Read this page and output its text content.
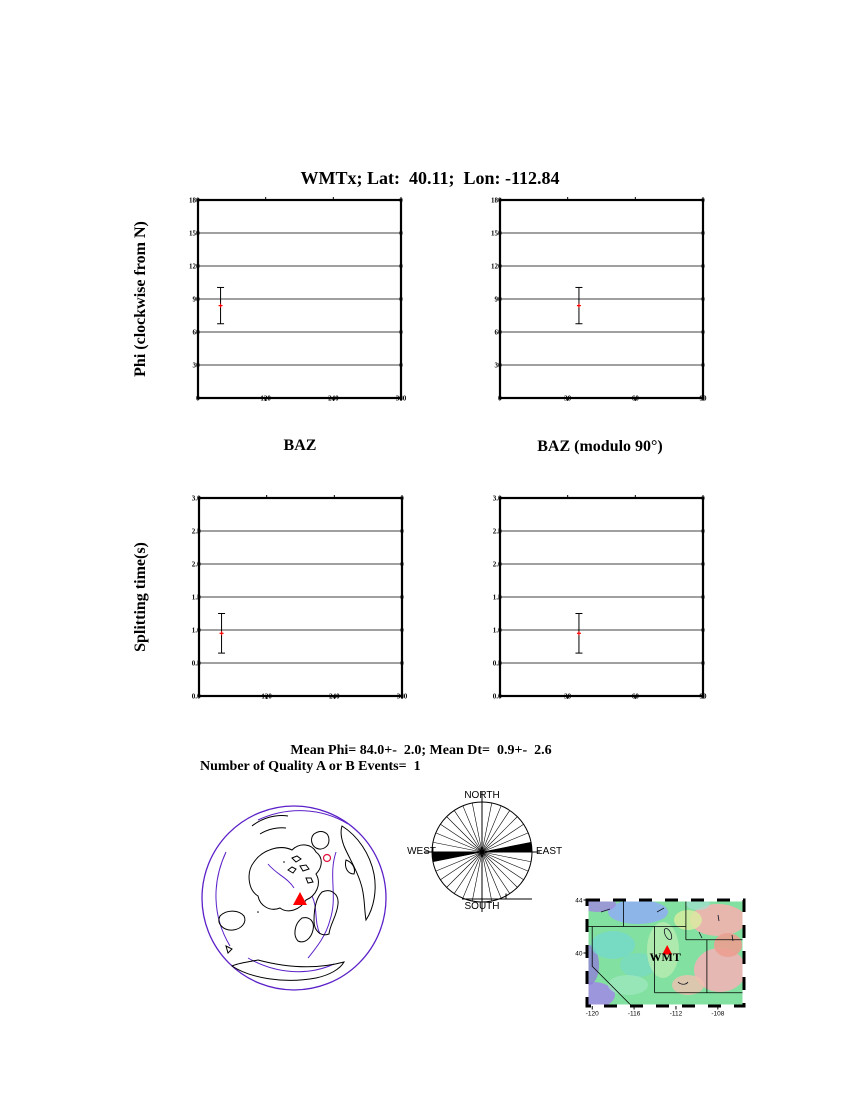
WMTx; Lat:  40.11;  Lon: -112.84
Phi (clockwise from N)
Splitting time(s)
0
30
60
90
120
150
180
120	240	360	0
30
60
90
120
150
180
30	60	90
0.0
0.5
1.0
1.5
2.0
2.5
3.0
120	240	360	0.0
0.5
1.0
1.5
2.0
2.5
3.0
30	60	90
BAZ	BAZ (modulo 90°)
Mean Phi= 84.0+-  2.0; Mean Dt=  0.9+-  2.6
Number of Quality A or B Events=  1
NORTH
SOUTH
WEST	EAST
-120	-116	-112	-108
44
40	WMT
